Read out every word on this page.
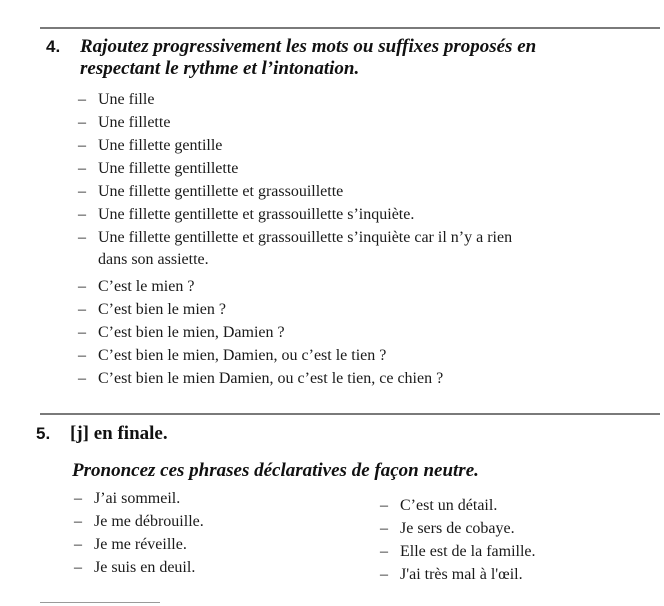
4. Rajoutez progressivement les mots ou suffixes proposés en
respectant le rythme et l’intonation.
– Une fille
– Une fillette
– Une fillette gentille
– Une fillette gentillette
– Une fillette gentillette et grassouillette
– Une fillette gentillette et grassouillette s’inquiète.
– Une fillette gentillette et grassouillette s’inquiète car il n’y a rien
dans son assiette.
– C’est le mien ?
– C’est bien le mien ?
– C’est bien le mien, Damien ?
– C’est bien le mien, Damien, ou c’est le tien ?
– C’est bien le mien Damien, ou c’est le tien, ce chien ?
5. [j] en finale.
Prononcez ces phrases déclaratives de façon neutre.
– J’ai sommeil.
– Je me débrouille.
– Je me réveille.
– Je suis en deuil.
– C’est un détail.
– Je sers de cobaye.
– Elle est de la famille.
– J'ai très mal à l'œil.
